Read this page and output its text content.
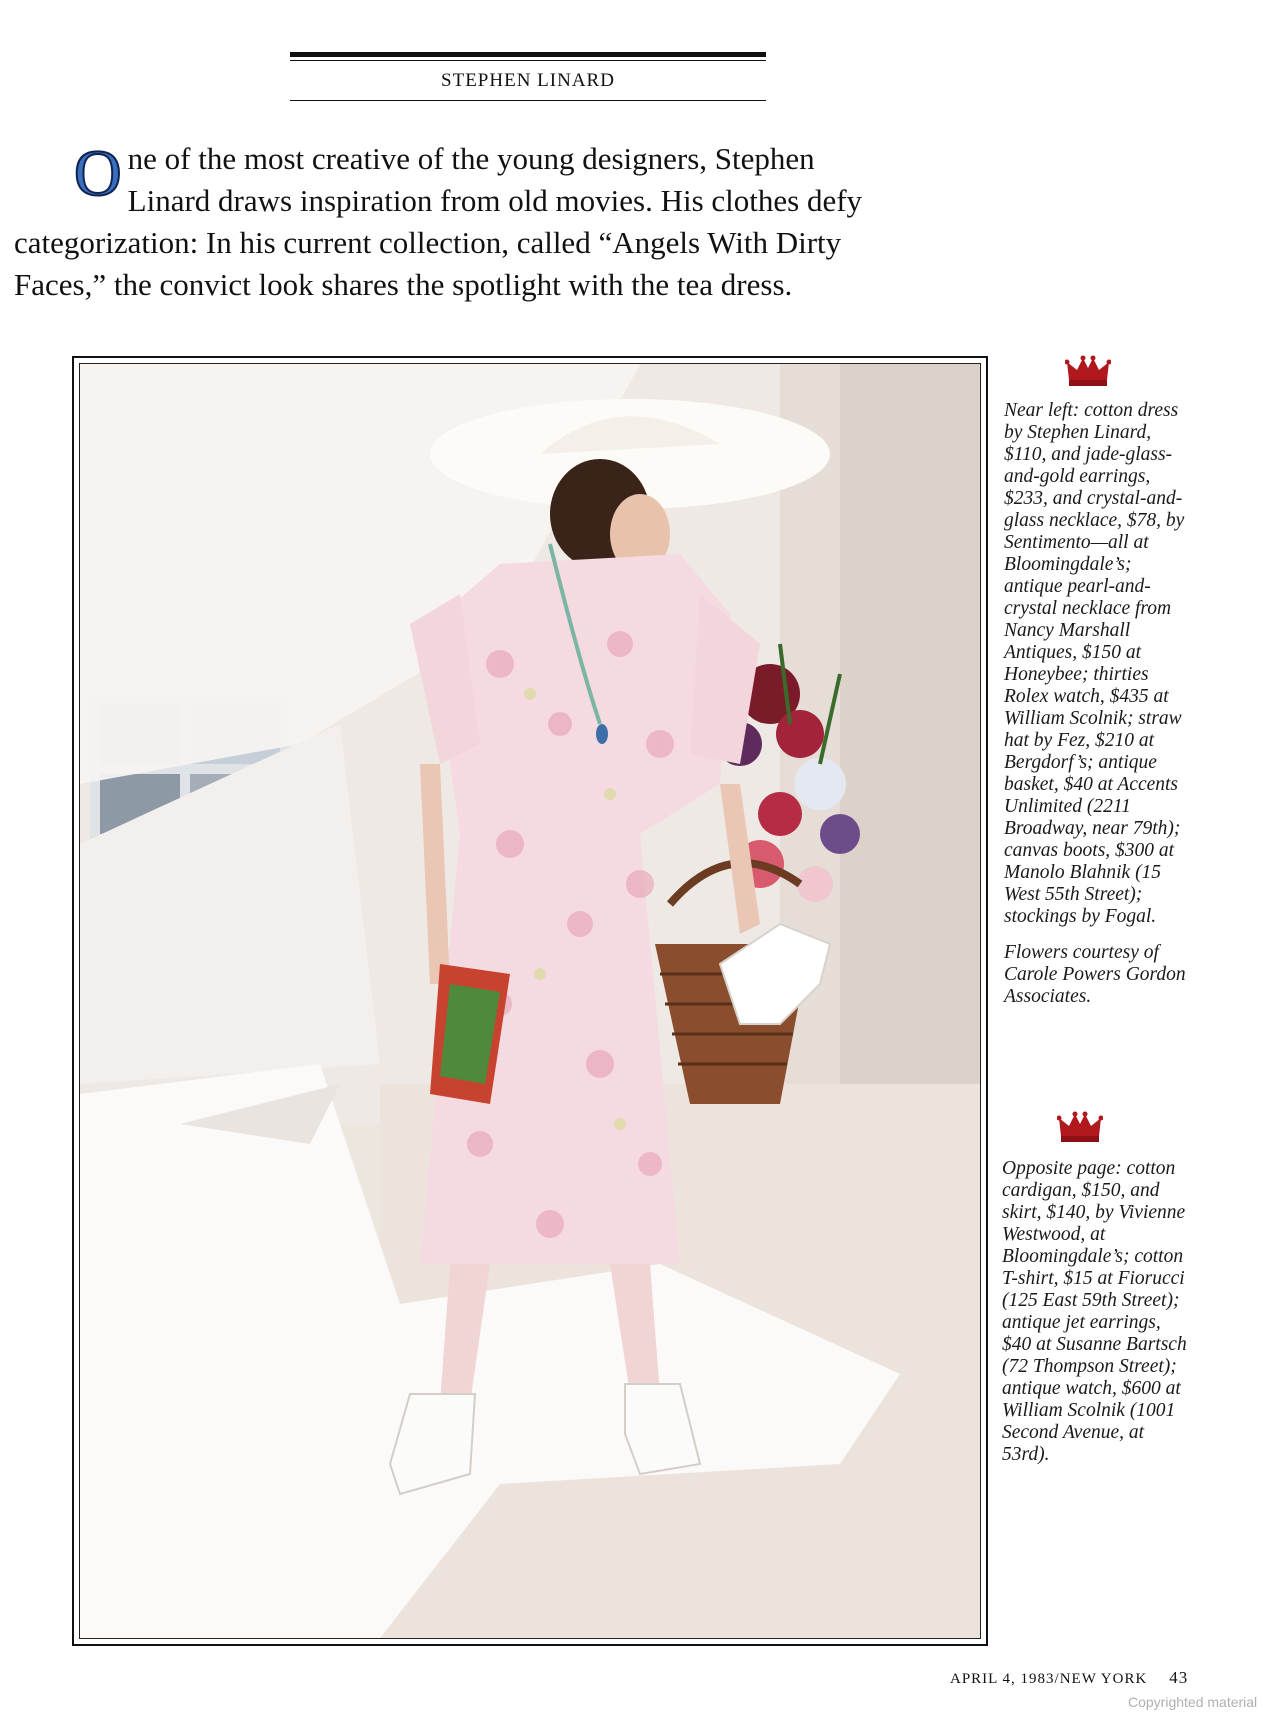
STEPHEN LINARD
O ne of the most creative of the young designers, Stephen

Linard draws inspiration from old movies. His clothes defy

categorization: In his current collection, called “Angels With Dirty

Faces,” the convict look shares the spotlight with the tea dress.

Near left: cotton dress by Stephen Linard, $110, and jade-glass-and-gold earrings, $233, and crystal-and-glass necklace, $78, by Sentimento—all at Bloomingdale’s; antique pearl-and-crystal necklace from Nancy Marshall Antiques, $150 at Honeybee; thirties Rolex watch, $435 at William Scolnik; straw hat by Fez, $210 at Bergdorf’s; antique basket, $40 at Accents Unlimited (2211 Broadway, near 79th); canvas boots, $300 at Manolo Blahnik (15 West 55th Street); stockings by Fogal.

Flowers courtesy of Carole Powers Gordon Associates.

Opposite page: cotton cardigan, $150, and skirt, $140, by Vivienne Westwood, at Bloomingdale’s; cotton T-shirt, $15 at Fiorucci (125 East 59th Street); antique jet earrings, $40 at Susanne Bartsch (72 Thompson Street); antique watch, $600 at William Scolnik (1001 Second Avenue, at 53rd).

APRIL 4, 1983/NEW YORK 43
Copyrighted material
